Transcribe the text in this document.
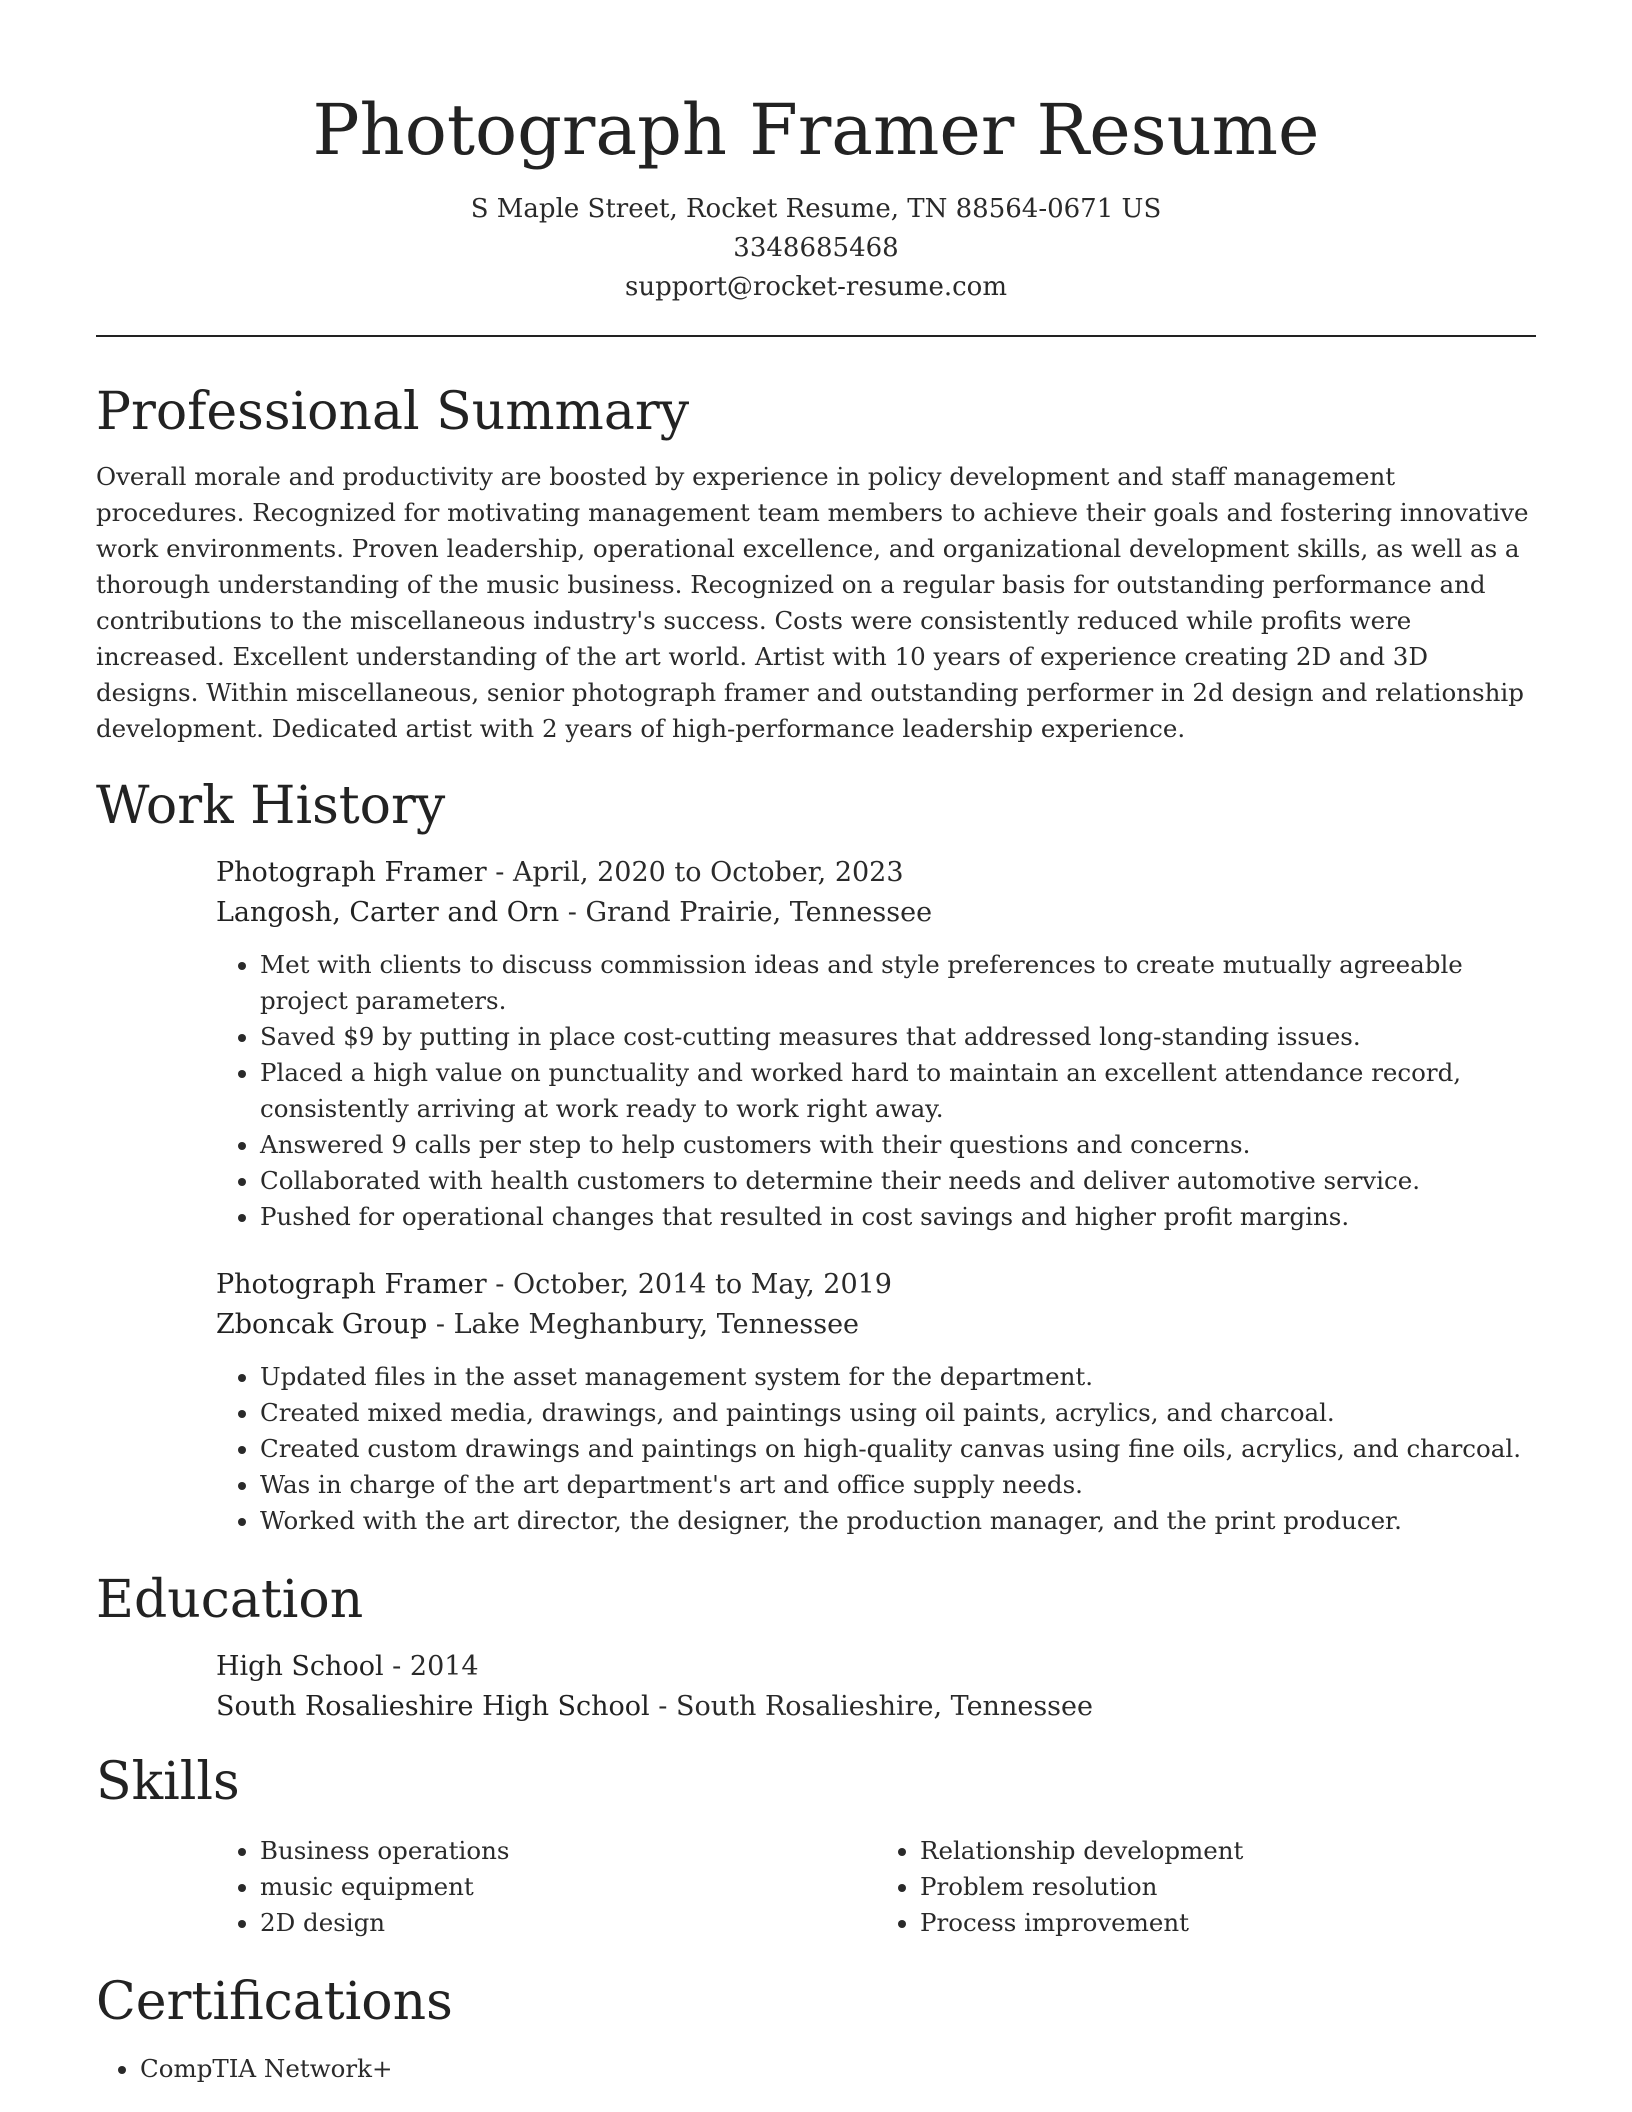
Photograph Framer Resume
S Maple Street, Rocket Resume, TN 88564-0671 US
3348685468
support@rocket-resume.com
Professional Summary

Overall morale and productivity are boosted by experience in policy development and staff management procedures. Recognized for motivating management team members to achieve their goals and fostering innovative work environments. Proven leadership, operational excellence, and organizational development skills, as well as a thorough understanding of the music business. Recognized on a regular basis for outstanding performance and contributions to the miscellaneous industry's success. Costs were consistently reduced while profits were increased. Excellent understanding of the art world. Artist with 10 years of experience creating 2D and 3D designs. Within miscellaneous, senior photograph framer and outstanding performer in 2d design and relationship development. Dedicated artist with 2 years of high-performance leadership experience.

Work History
Photograph Framer - April, 2020 to October, 2023
Langosh, Carter and Orn - Grand Prairie, Tennessee
• Met with clients to discuss commission ideas and style preferences to create mutually agreeable project parameters.
• Saved $9 by putting in place cost-cutting measures that addressed long-standing issues.
• Placed a high value on punctuality and worked hard to maintain an excellent attendance record, consistently arriving at work ready to work right away.
• Answered 9 calls per step to help customers with their questions and concerns.
• Collaborated with health customers to determine their needs and deliver automotive service.
• Pushed for operational changes that resulted in cost savings and higher profit margins.
Photograph Framer - October, 2014 to May, 2019
Zboncak Group - Lake Meghanbury, Tennessee
• Updated files in the asset management system for the department.
• Created mixed media, drawings, and paintings using oil paints, acrylics, and charcoal.
• Created custom drawings and paintings on high-quality canvas using fine oils, acrylics, and charcoal.
• Was in charge of the art department's art and office supply needs.
• Worked with the art director, the designer, the production manager, and the print producer.
Education
High School - 2014
South Rosalieshire High School - South Rosalieshire, Tennessee
Skills
• Business operations
• music equipment
• 2D design
• Relationship development
• Problem resolution
• Process improvement
Certifications
• CompTIA Network+
